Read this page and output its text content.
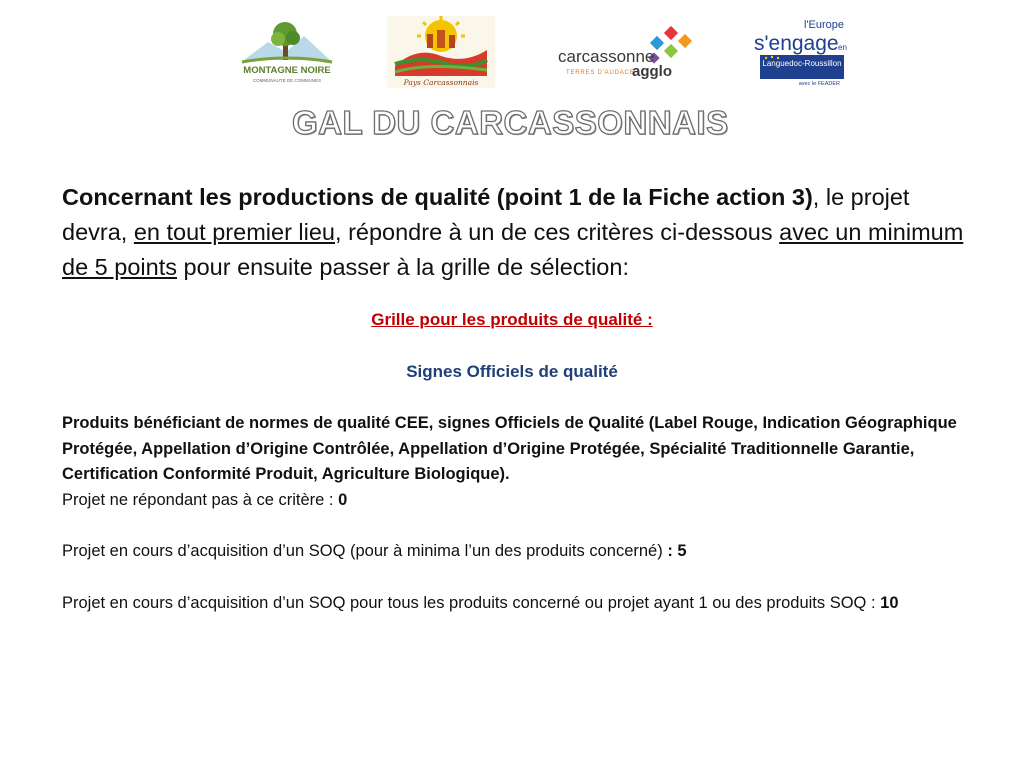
MONTAGNE NOIRE
COMMUNAUTÉ DE COMMUNES	Pays Carcassonnais
carcassonne
TERRES D'AUDACE
agglo
l'Europe
s'engage en
Languedoc-Roussillon
avec le FEADER
GAL DU CARCASSONNAIS
Concernant les productions de qualité (point 1 de la Fiche action 3), le projet devra, en tout premier lieu, répondre à un de ces critères ci-dessous avec un minimum de 5 points pour ensuite passer à la grille de sélection:
Grille pour les produits de qualité :
Signes Officiels de qualité
Produits bénéficiant de normes de qualité CEE, signes Officiels de Qualité (Label Rouge, Indication Géographique Protégée, Appellation d’Origine Contrôlée, Appellation d’Origine Protégée, Spécialité Traditionnelle Garantie, Certification Conformité Produit, Agriculture Biologique).
Projet ne répondant pas à ce critère : 0
Projet en cours d’acquisition d’un SOQ (pour à minima l’un des produits concerné) : 5
Projet en cours d’acquisition d’un SOQ pour tous les produits concerné ou projet ayant 1 ou des produits SOQ : 10
